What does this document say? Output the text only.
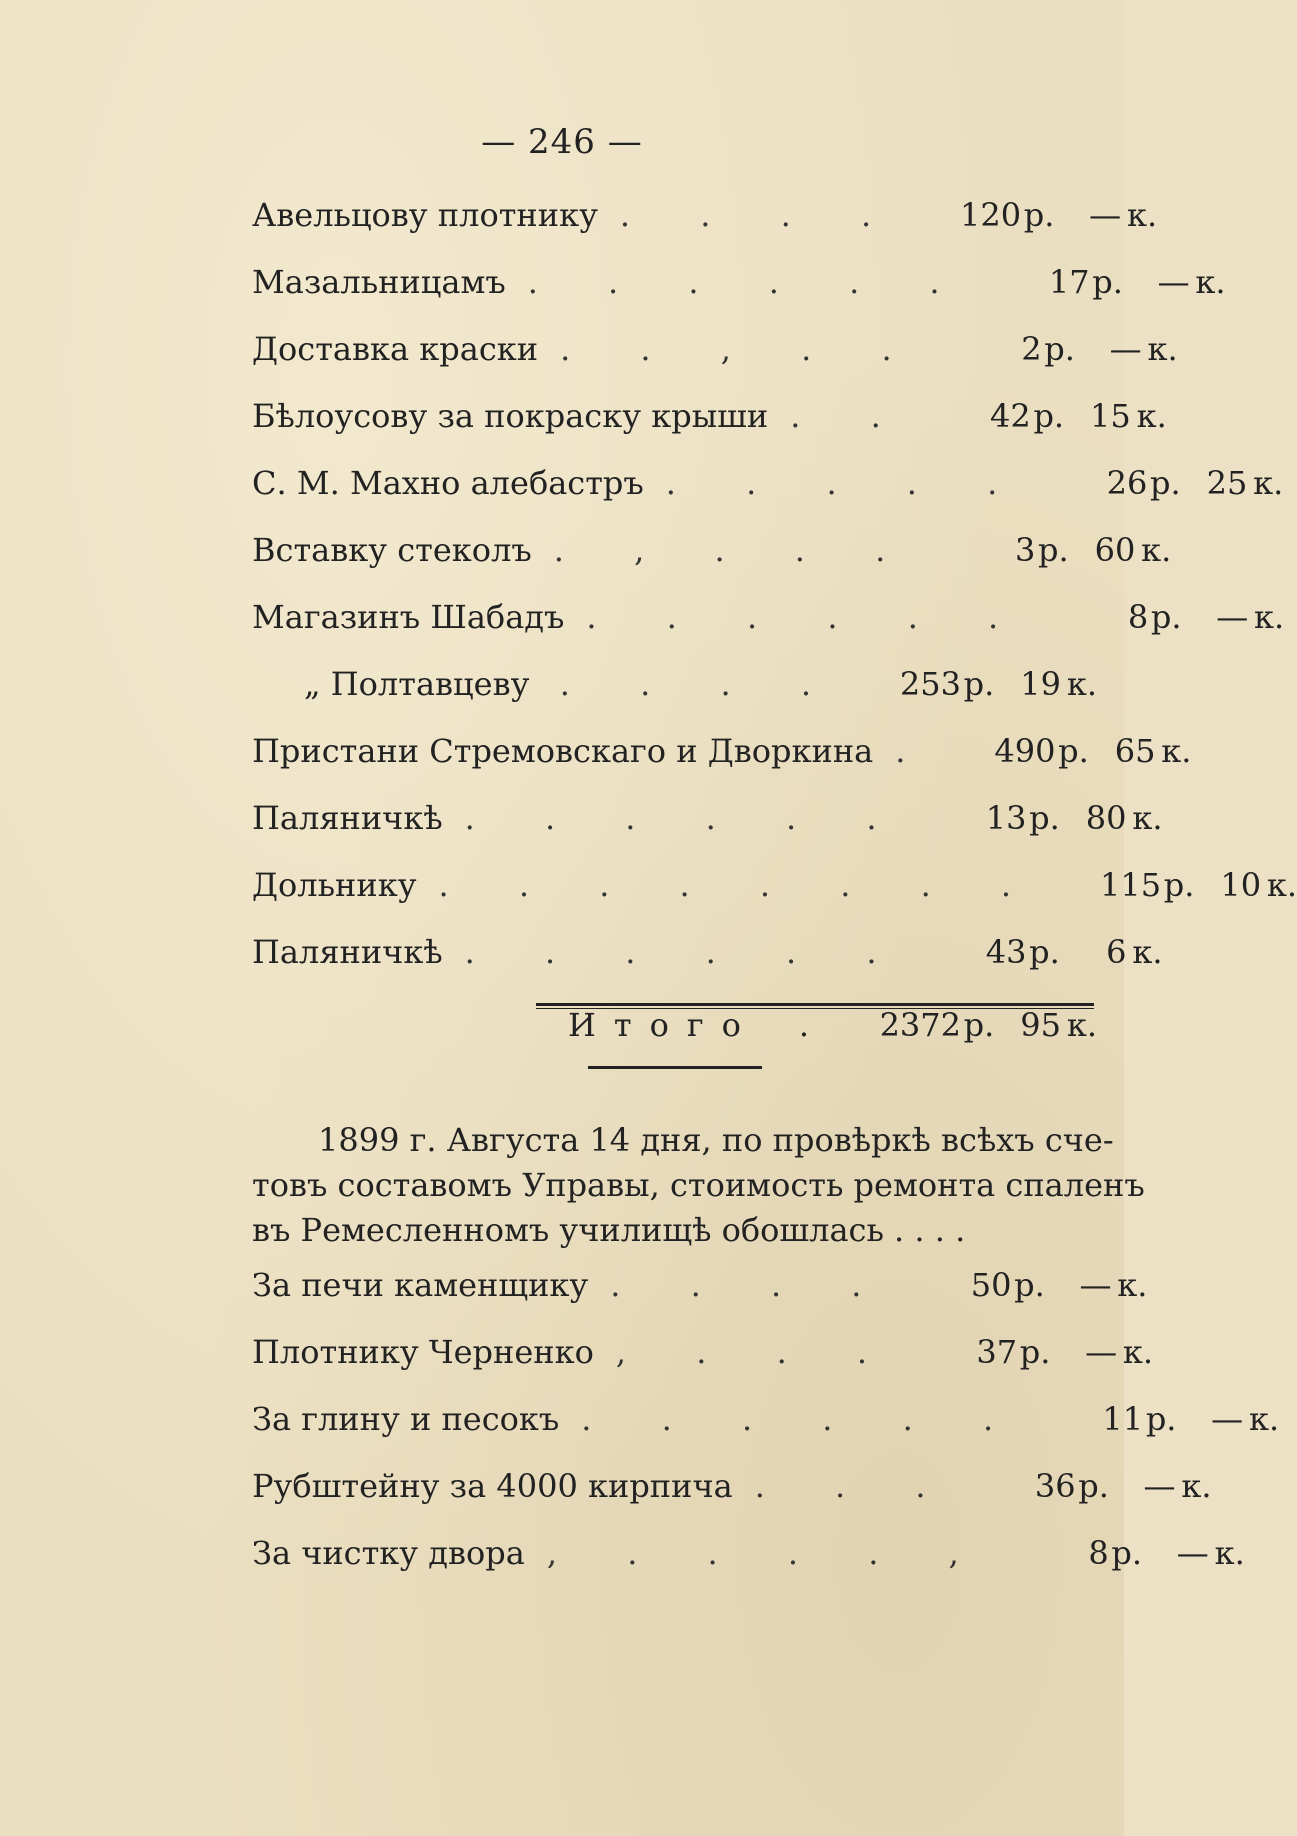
— 246 —
Авельцову плотнику . . . .	120 р.	— к.
Мазальницамъ . . . . . .	17 р.	— к.
Доставка краски . . , . .	2 р.	— к.
Бѣлоусову за покраску крыши . .	42 р. 15 к.
С. М. Махно алебастръ . . . . .	26 р. 25 к.
Вставку стеколъ . . . , .	3 р. 60 к.
Магазинъ Шабадъ . . . . . .	8 р.	— к.
„ Полтавцеву . . . .	253 р. 19 к.
Пристани Стремовскаго и Дворкина .	490 р. 65 к.
Паляничкѣ . . . . . .	13 р. 80 к.
Дольнику . . . . . . . .	115 р. 10 к.
Паляничкѣ . . . . . .	43 р.	6 к.
Итого	.	2372 р. 95 к.
1899 г. Августа 14 дня, по провѣркѣ всѣхъ сче-
товъ составомъ Управы, стоимость ремонта спаленъ
въ Ремесленномъ училищѣ обошлась . . . .
За печи каменщику . . . .	50 р.	— к.
Плотнику Черненко . . . ,	37 р.	— к.
За глину и песокъ . . . . . .	11 р.	— к.
Рубштейну за 4000 кирпича . . .	36 р.	— к.
За чистку двора , . . . . ,	8 р.	— к.
